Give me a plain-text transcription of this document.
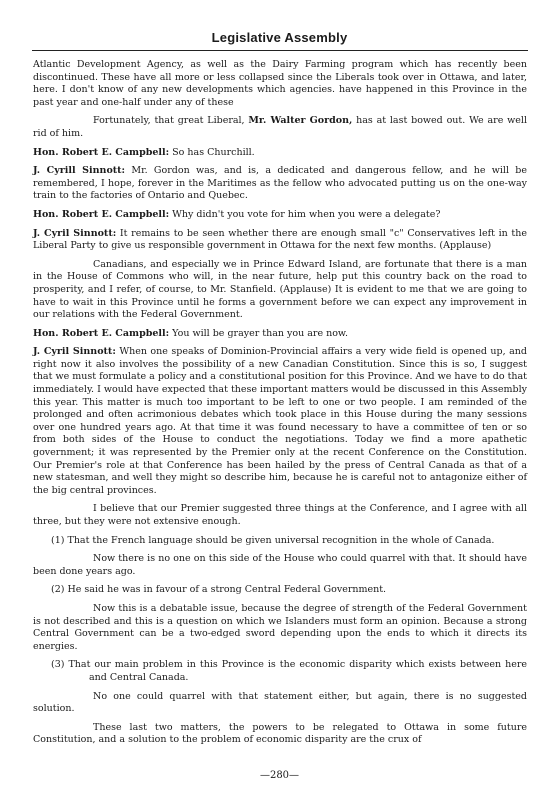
Legislative Assembly

Atlantic Development Agency, as well as the Dairy Farming program which has recently been discontinued. These have all more or less collapsed since the Liberals took over in Ottawa, and later, here. I don't know of any new developments which agencies. have happened in this Province in the past year and one-half under any of these

Fortunately, that great Liberal, Mr. Walter Gordon, has at last bowed out. We are well rid of him.

Hon. Robert E. Campbell: So has Churchill.

J. Cyrill Sinnott: Mr. Gordon was, and is, a dedicated and dangerous fellow, and he will be remembered, I hope, forever in the Maritimes as the fellow who advocated putting us on the one-way train to the factories of Ontario and Quebec.

Hon. Robert E. Campbell: Why didn't you vote for him when you were a delegate?

J. Cyril Sinnott: It remains to be seen whether there are enough small "c" Conservatives left in the Liberal Party to give us responsible government in Ottawa for the next few months. (Applause)

Canadians, and especially we in Prince Edward Island, are fortunate that there is a man in the House of Commons who will, in the near future, help put this country back on the road to prosperity, and I refer, of course, to Mr. Stanfield. (Applause) It is evident to me that we are going to have to wait in this Province until he forms a government before we can expect any improvement in our relations with the Federal Government.

Hon. Robert E. Campbell: You will be grayer than you are now.

J. Cyril Sinnott: When one speaks of Dominion-Provincial affairs a very wide field is opened up, and right now it also involves the possibility of a new Canadian Constitution. Since this is so, I suggest that we must formulate a policy and a constitutional position for this Province. And we have to do that immediately. I would have expected that these important matters would be discussed in this Assembly this year. This matter is much too important to be left to one or two people. I am reminded of the prolonged and often acrimonious debates which took place in this House during the many sessions over one hundred years ago. At that time it was found necessary to have a committee of ten or so from both sides of the House to conduct the negotiations. Today we find a more apathetic government; it was represented by the Premier only at the recent Conference on the Constitution. Our Premier's role at that Conference has been hailed by the press of Central Canada as that of a new statesman, and well they might so describe him, because he is careful not to antagonize either of the big central provinces.

I believe that our Premier suggested three things at the Conference, and I agree with all three, but they were not extensive enough.

(1) That the French language should be given universal recognition in the whole of Canada.

Now there is no one on this side of the House who could quarrel with that. It should have been done years ago.

(2) He said he was in favour of a strong Central Federal Government.

Now this is a debatable issue, because the degree of strength of the Federal Government is not described and this is a question on which we Islanders must form an opinion. Because a strong Central Government can be a two-edged sword depending upon the ends to which it directs its energies.

(3) That our main problem in this Province is the economic disparity which exists between here and Central Canada.

No one could quarrel with that statement either, but again, there is no suggested solution.

These last two matters, the powers to be relegated to Ottawa in some future Constitution, and a solution to the problem of economic disparity are the crux of

—280—
